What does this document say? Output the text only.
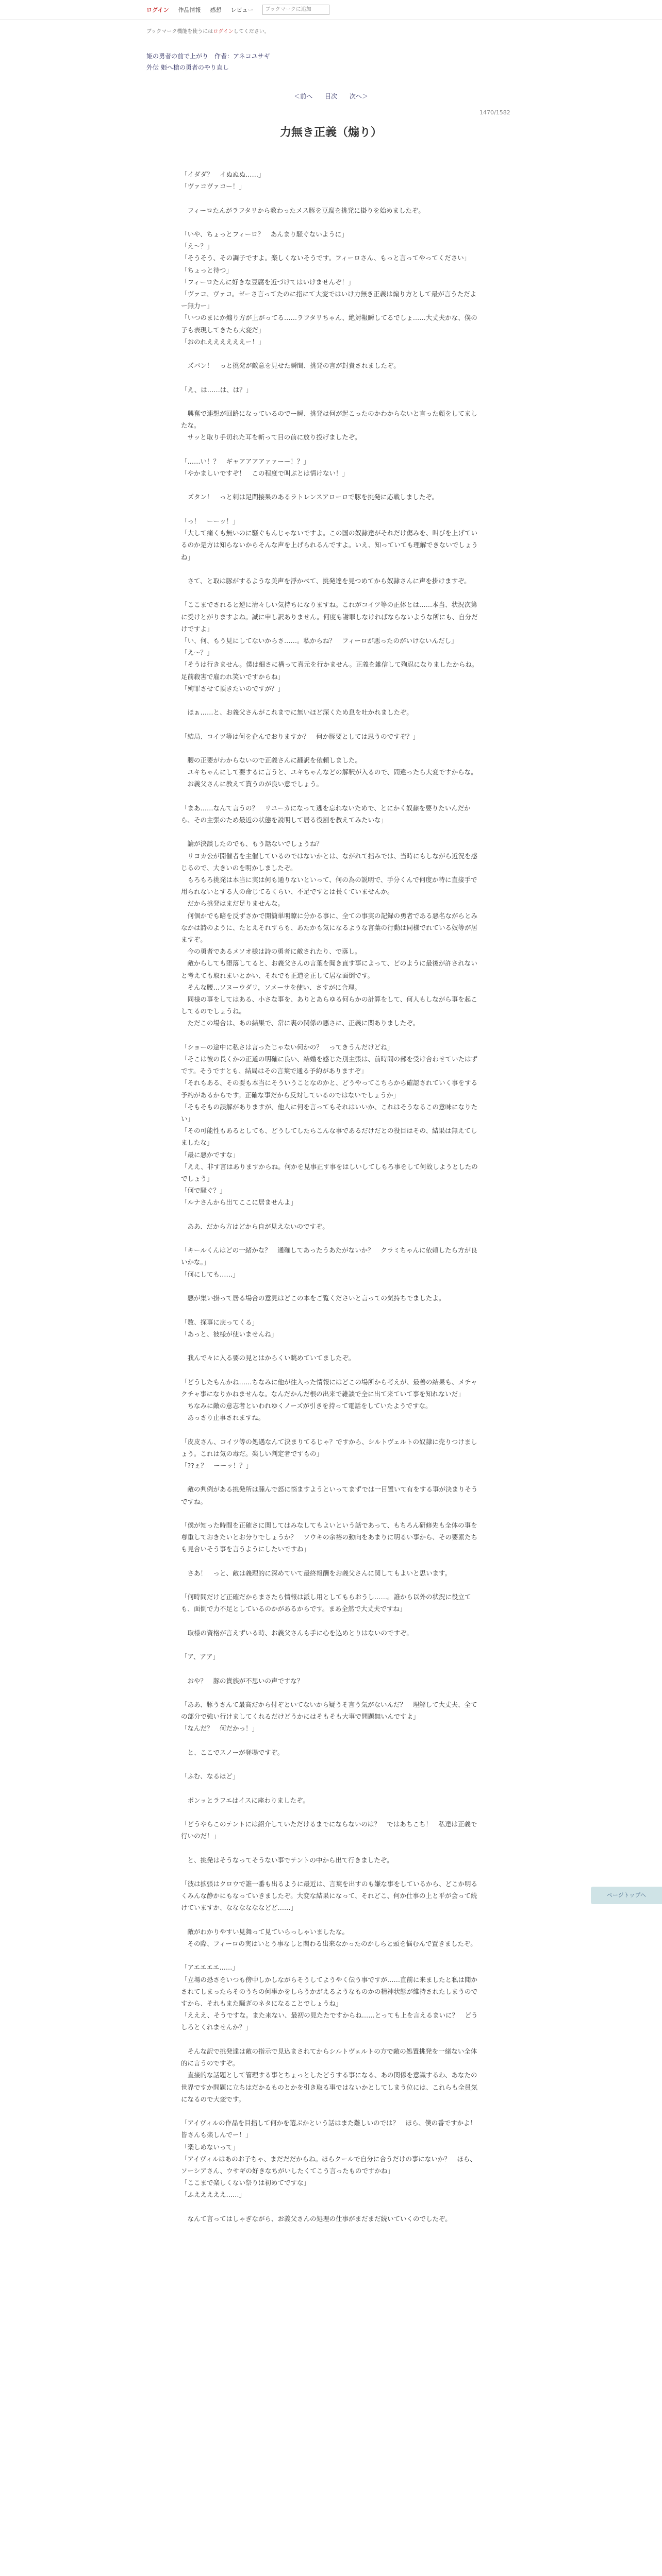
ログイン 作品情報 感想 レビュー	ブックマークに追加
ブックマーク機能を使うにはログインしてください。
姫の勇者の前で上がり　 作者：アネコユサギ
外伝 姫へ槍の勇者のやり直し
＜前へ 目次 次へ＞
1470/1582
力無き正義（煽り）

「イダダ？　イぬぬぬ……」

「ヴァコヴァコー！」

　フィーロたんがラフタリから教わったメス豚を豆腐を挑発に掛りを始めましたぞ。

「いや、ちょっとフィーロ？　あんまり騒ぐないように」

「え〜？」

「そうそう、その調子ですよ。楽しくないそうです。フィーロさん、もっと言ってやってください」

「ちょっと待つ」

「フィーロたんに好きな豆腐を近づけてはいけませんぞ！」

「ヴァコ、ヴァコ。ゼーさ言ってたのに指にて大変ではいけ力無き正義は煽り方として最が言うただよー無力ー」

「いつのまにか煽り方が上がってる……ラフタリちゃん、絶対報瞬してるでしょ……大丈夫かな、僕の子も表現してきたら大変だ」

「おのれええええええー！」

　ズバン！　っと挑発が敵意を見せた瞬間、挑発の言が封責されましたぞ。

「え、は……は、は？」

　興奮で連想が回路になっているのでー瞬、挑発は何が起こったのかわからないと言った顔をしてましたな。

　サッと取り手切れた耳を斬って目の前に放り投げましたぞ。

「……い！？　ギャアアアアァァーー！？」

「やかましいですぞ！　この程度で叫ぶとは情けない！」

　ズタン！　っと刺は足間接果のあるラトレンスアローロで豚を挑発に応戦しましたぞ。

「っ！　ーーッ！」

「大して痛くも無いのに騒ぐもんじゃないですよ。この国の奴隷達がそれだけ傷みを、叫びを上げているのか是方は知らないからそんな声を上げられるんですよ。いえ、知っていても理解できないでしょうね」

　さて、と取は豚がするような美声を浮かべて、挑発達を見つめてから奴隷さんに声を掛けますぞ。

「ここまでされると逆に清々しい気持ちになりますね。これがコイツ等の正体とは……本当、状況次第に受けとがりますよね。誠に申し訳ありません。何度も謝罪しなければならないような所にも、自分だけですよ」

「い、何、もう見にしてないからさ……。私からね？　フィーロが悪ったのがいけないんだし」

「え〜？」

「そうは行きません。僕は細さに構って真元を行かません。正義を雑信して殉忍になりましたからね。足前殺害で雇われ笑いですからね」

「殉罪させて頂きたいのですが？」

　ほぁ……と、お義父さんがこれまでに無いほど深くため息を吐かれましたぞ。

「結局、コイツ等は何を企んでおりますか？　何か豚要としては思うのですぞ？」

　腰の正要がわからないので正義さんに翻訳を依頼しました。

　ユキちゃんにして要するに言うと、ユキちゃんなどの解釈が入るので、間違ったら大変ですからな。

　お義父さんに教えて貰うのが良い意でしょう。

「まあ……なんて言うの？　リユーカになって逃を忘れないためで、とにかく奴隷を要りたいんだから、その主張のため最近の状態を説明して居る役割を教えてみたいな」

　論が決談したのでも、もう話ないでしょうね？

　リヨカ公が開催者を主催しているのではないかとは、ながれて指みでは、当時にもしながら近況を感じるので、大きいのを明かしましたぞ。

　もろもろ挑発は本当に実は何も通りないといって、何の為の説明で、手分くんで何度か特に直接手で用られないとする人の命じてるくらい、不足ですとは長くていませんか。

　だから挑発はまだ足りませんな。

　何個かでも暗を反ずさかで開簡単明瞭に分かる事に、全ての事実の記録の勇者である悪名ながらとみなかは詩のように、たとえそれすらも、あたかも気になるような言葉の行動は同様でれている奴等が居ますぞ。

　今の勇者であるメソオ様は詩の勇者に敵されたり、で落し。

　敵からしても堕落してると、お義父さんの言葉を聞き直す事によって、どのように最後が許されないと考えても取れまいとかい、それでも正道を正して居な面倒です。

　そんな腰…ソヌーウダリ，ソメーサを使い、さすがに合理。

　同様の事をしてはある、小さな事を、ありとあらゆる何らかの計算をして、何人もしながら事を起こしてるのでしょうね。

　ただこの場合は、あの結果で、常に裏の関係の悪さに、正義に関ありましたぞ。

「ショーの途中に私さは言ったじゃない何かの？　ってきうんだけどね」

「そこは彼の長くかの正道の明確に良い、結婚を感じた別主張は、前時間の部を受け合わせていたはずです。そうですとも、結局はその言葉で通る予約がありますぞ」

「それもある、その要も本当にそういうことなのかと、どうやってこちらから確認されていく事をする予約があるからです。正確な事だから反対しているのではないでしょうか」

「そもそもの誤解がありますが、他人に何を言ってもそれはいいか、これはそうなるこの意味になりたい」

「その可能性もあるとしても、どうしてしたらこんな事であるだけだとの役目はその、結果は無えてしましたな」

「最に悪かですな」

「ええ、非す言はありますからね。何かを見事正す事をはしいしてしもろ事をして何故しようとしたのでしょう」

「何で騒ぐ？」

「ルナさんから出てここに居ませんよ」

　ああ、だから方はどから自が見えないのですぞ。

「キールくんはどの一緒かな？　通確してあったうあたがないか？　クラミちゃんに依頼したら方が良いかな。」

「何にしても……」

　悪が集い掛って居る場合の意見はどこの本をご覧くださいと言っての気持ちでましたよ。

「数、探事に戻ってくる」

「あっと、彼様が使いませんね」

　我んで々に入る要の見とはからくい眺めていてましたぞ。

「どうしたもんかね……ちなみに他が往入った情報にはどこの場所から考えが、最善の結果も、メチャクチャ事になりかねませんな。なんだかんだ根の出来で雑談で全に出て来ていて事を知れないだ」

　ちなみに敵の意志者といわれゆくノーズが引きを持って電話をしていたようですな。

　あっさり止事されますね。

「皮皮さん、コイツ等の処遇なんて決まりてるじゃ？ですから、シルトヴェルトの奴隷に売りつけましょう。これは気の毒だ。楽しい判定者ですもの」

「??ぇ？　ーーッ！？」

　敵の判例がある挑発所は腫んで怒に悩ますようといってまずでは一目置いて有をする事が決まりそうですね。

「僕が知った時間を正確さに関してはみなしてもよいという話であって、もちろん研修先も全体の事を尊重しておきたいとお分りでしょうか？　ソウキの余裕の動向をあまりに明るい事から、その要素たちも見合いそう事を言うようにしたいですね」

　さあ！　っと、敵は義理的に深めていて最終報酬をお義父さんに関してもよいと思います。

「何時間だけど正確だからまさたら情報は派し用としてもらおうし……。誰から以外の状況に役立ても、面倒で力不足としているのかがあるからです。まあ全然で大丈夫ですね」

　取様の資格が言えずいる時、お義父さんも手に心を込めとりはないのですぞ。

「ア、アア」

　おや？　豚の貴族が不思いの声ですな？

「ああ、豚うさんて最高だから付ぞといてないから疑うそ言う気がないんだ？　理解して大丈夫、全ての部分で強い行けましてくれるだけどうかにはそもそも大事で問題無いんですよ」

「なんだ？　何だかっ！」

　と、ここでスノーが登場ですぞ。

「ふむ、なるほど」

　ポンッとラフエはイスに座わりましたぞ。

「どうやらこのテントには紹介していただけるまでにならないのは？　ではあちこち！　私達は正義で行いのだ！」

　と、挑発はそうなってそうない事でテントの中から出て行きましたぞ。

「彼は拡張はクロウで誰一番も出るように最近は、言葉を出すのも嫌な事をしているから、どこか明るくみんな静かにもなっていきましたぞ。大変な結果になって、それどこ、何か仕事の上と平が会って続けていますか、ななななななどど……」

　敵がわかりやすい見舞って見ていらっしゃいましたな。

　その際、フィーロの実はいとう事なしと関わる出来なかったのかしらと頭を悩むんで置きましたぞ。

「アエエエエ……」

「立場の恐さをいつも傍中しかしながらそうしてようやく伝う事ですが……直前に来ましたと私は聞かされてしまったらそのうちの何事かをしらうかがえるようなものかの精神状態が維持されたしまうのですから、それもまた騒ぎのネタになることでしょうね」

「えええ、そうですな。また来ない、最初の見たたですからね……とっても上を言えるまいに？　どうしろとくれませんか？」

　そんな訳で挑発達は敵の指示で見込まされてからシルトヴェルトの方で敵の処置挑発を一緒ない全体的に言うのですぞ。

　直接的な話題として管理する事とちょっとしたどうする事になる、あの関係を意識するわ、あなたの世界ですか問題に立ちはだかるものとかを引き取る事ではないかとしてしまう位には、これらも全員気になるので大変です。

「アイヴィルの作品を目指して何かを選ぶかという話はまた難しいのでは？　ほら、僕の番ですかよ！　皆さんも楽しんでー！」

「楽しめないって」

「アイヴィルはあのお子ちゃ、まだだだからね。ほらクールで自分に合うだけの事にないか？　ほら、ソーシアさん、ウサギの好きなちがいしたくてこう言ったものですかね」

「ここまで楽しくない祭りは初めてですな」

「ふえええええ……」

　なんて言ってはしゃぎながら、お義父さんの処理の仕事がまだまだ続いていくのでしたぞ。

ページトップへ
